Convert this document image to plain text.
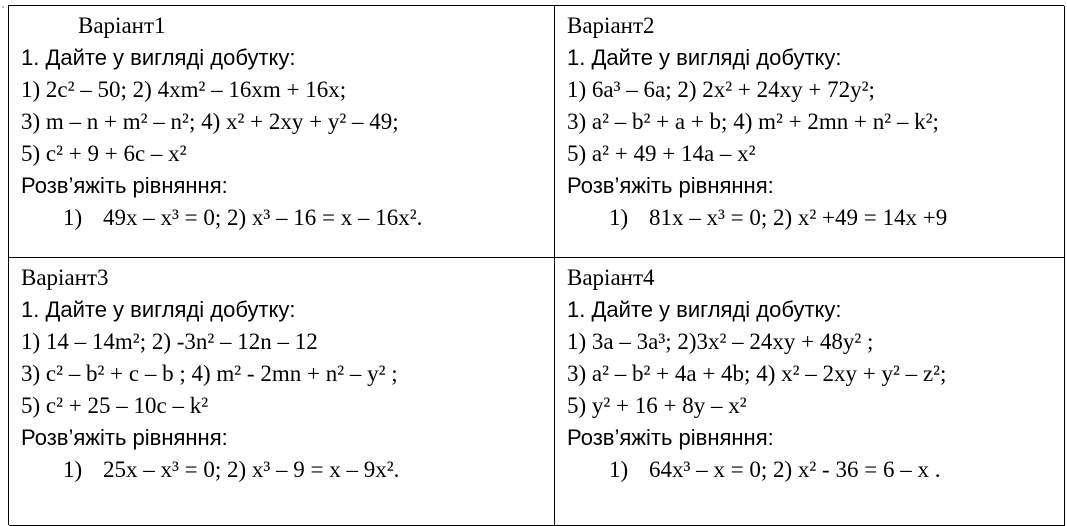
ˎ
Варіант1
1. Дайте у вигляді добутку:
1) 2c² – 50; 2) 4xm² – 16xm + 16x;
3) m – n + m² – n²; 4) x² + 2xy + y² – 49;
5) c² + 9 + 6c – x²
Розв’яжіть рівняння:
1) 49x – x³ = 0; 2) x³ – 16 = x – 16x².
Варіант2
1. Дайте у вигляді добутку:
1) 6a³ – 6a; 2) 2x² + 24xy + 72y²;
3) a² – b² + a + b; 4) m² + 2mn + n² – k²;
5) a² + 49 + 14a – x²
Розв’яжіть рівняння:
1) 81x – x³ = 0; 2) x² +49 = 14x +9
Варіант3
1. Дайте у вигляді добутку:
1) 14 – 14m²; 2) -3n² – 12n – 12
3) c² – b² + c – b ; 4) m² - 2mn + n² – y² ;
5) c² + 25 – 10c – k²
Розв’яжіть рівняння:
1) 25x – x³ = 0; 2) x³ – 9 = x – 9x².
Варіант4
1. Дайте у вигляді добутку:
1) 3a – 3a³; 2)3x² – 24xy + 48y² ;
3) a² – b² + 4a + 4b; 4) x² – 2xy + y² – z²;
5) y² + 16 + 8y – x²
Розв’яжіть рівняння:
1) 64x³ – x = 0; 2) x² - 36 = 6 – x .
